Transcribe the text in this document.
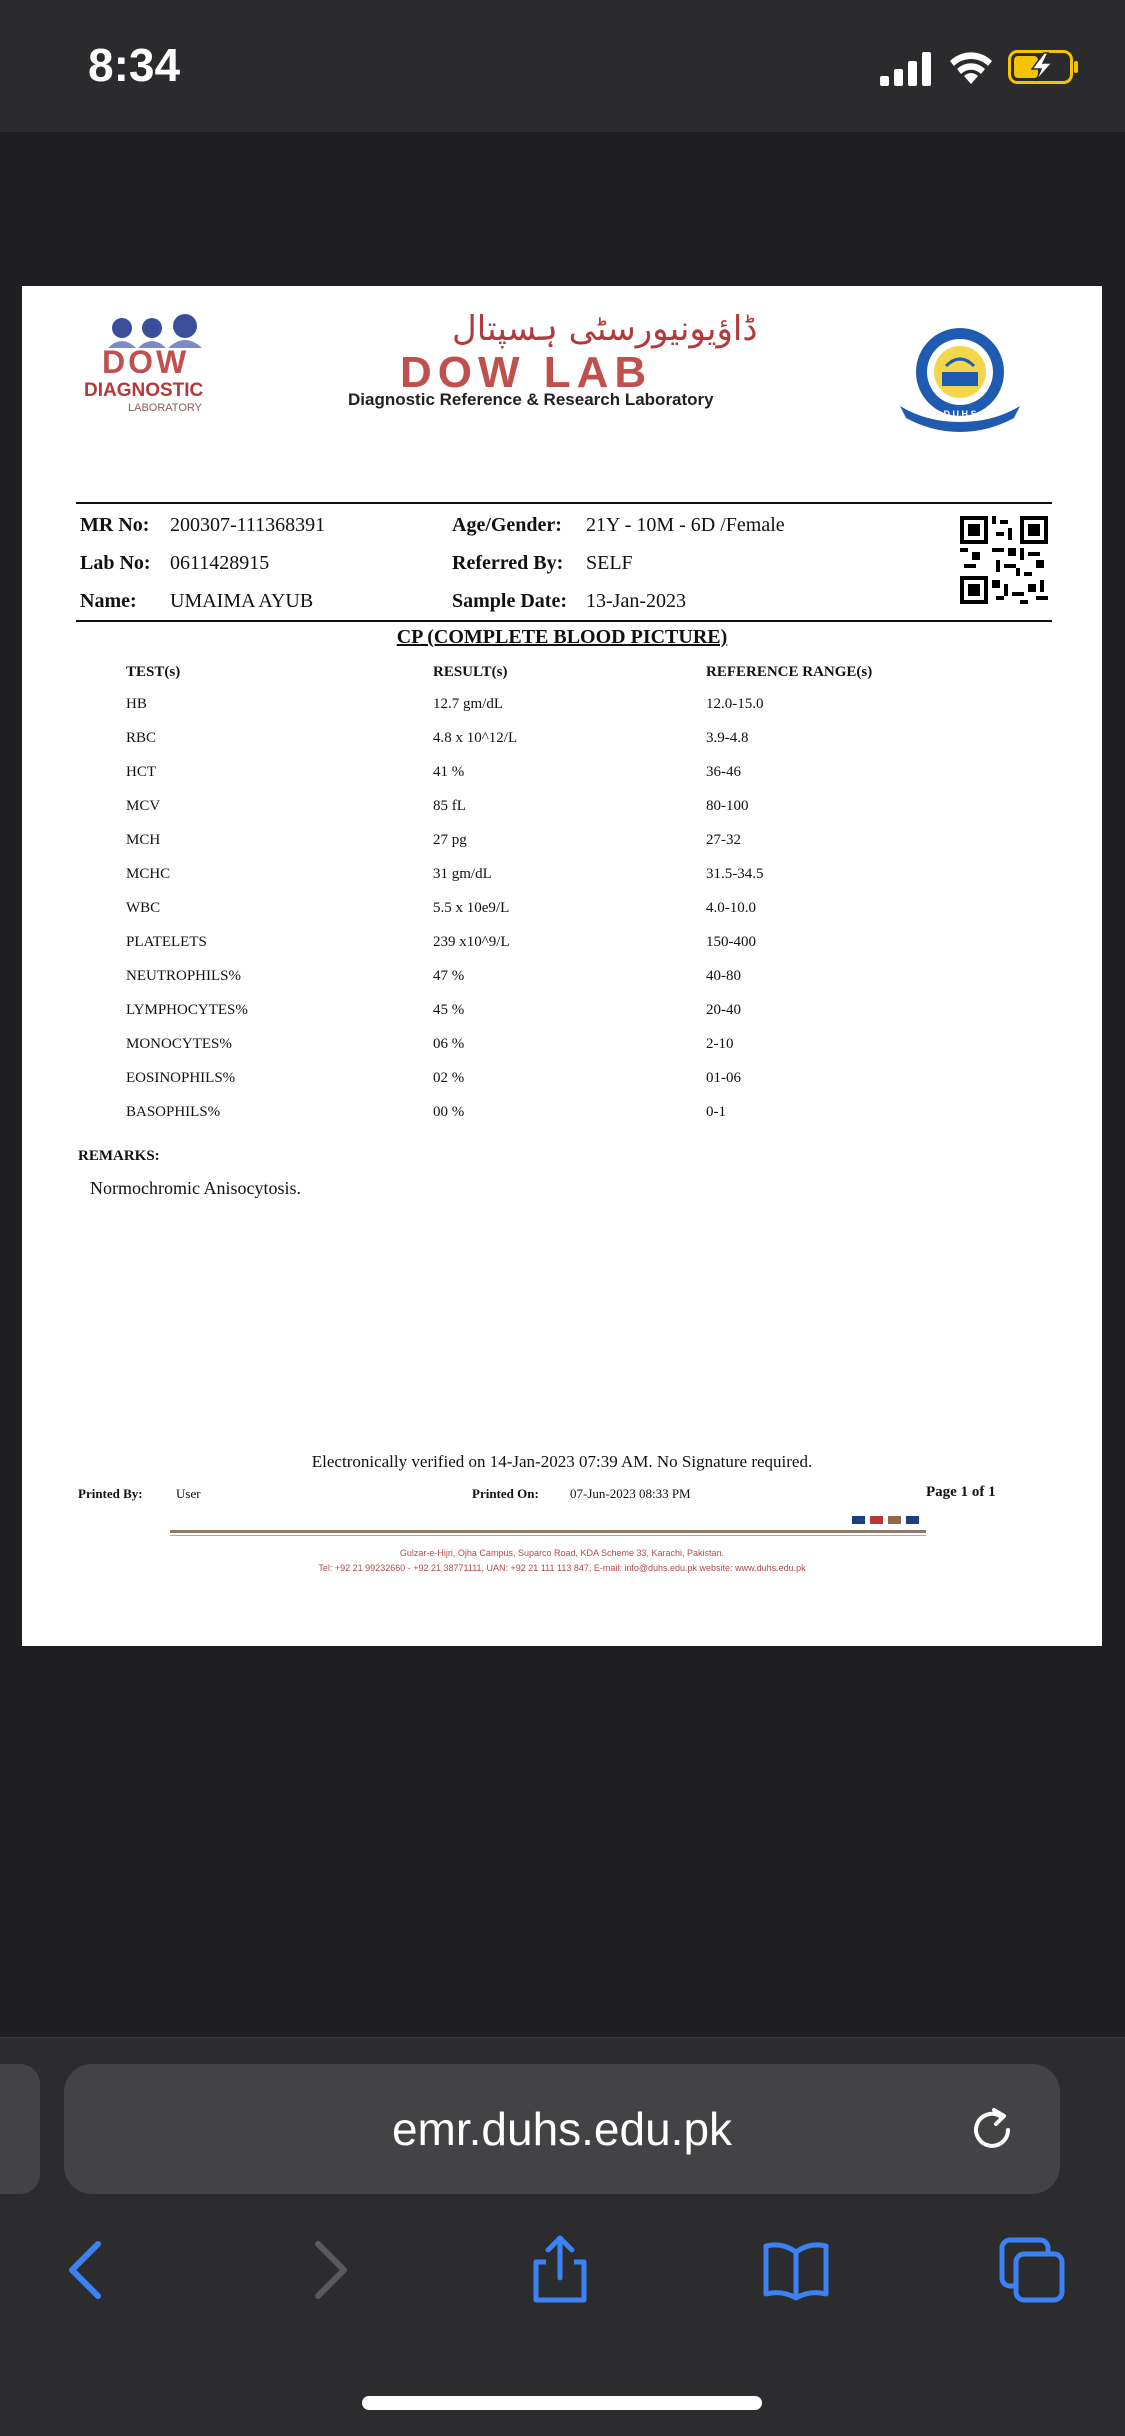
8:34
DOW
DIAGNOSTIC
LABORATORY
ڈاؤیونیورسٹی ہسپتال
DOW LAB
Diagnostic Reference & Research Laboratory
D.U.H.S
MR No: 200307-111368391
Lab No: 0611428915
Name: UMAIMA AYUB
Age/Gender: 21Y - 10M - 6D /Female
Referred By: SELF
Sample Date: 13-Jan-2023
CP (COMPLETE BLOOD PICTURE)
TEST(s)	RESULT(s)	REFERENCE RANGE(s)
HB	12.7 gm/dL	12.0-15.0
RBC	4.8 x 10^12/L	3.9-4.8
HCT	41 %	36-46
MCV	85 fL	80-100
MCH	27 pg	27-32
MCHC	31 gm/dL	31.5-34.5
WBC	5.5 x 10e9/L	4.0-10.0
PLATELETS	239 x10^9/L	150-400
NEUTROPHILS%	47 %	40-80
LYMPHOCYTES%	45 %	20-40
MONOCYTES%	06 %	2-10
EOSINOPHILS%	02 %	01-06
BASOPHILS%	00 %	0-1
REMARKS:
Normochromic Anisocytosis.
Electronically verified on 14-Jan-2023 07:39 AM. No Signature required.
Printed By:	User	Printed On: 07-Jun-2023 08:33 PM	Page 1 of 1
Gulzar-e-Hijri, Ojha Campus, Suparco Road, KDA Scheme 33, Karachi, Pakistan.
Tel: +92 21 99232660 - +92 21 38771111, UAN: +92 21 111 113 847, E-mail: info@duhs.edu.pk website: www.duhs.edu.pk
emr.duhs.edu.pk
